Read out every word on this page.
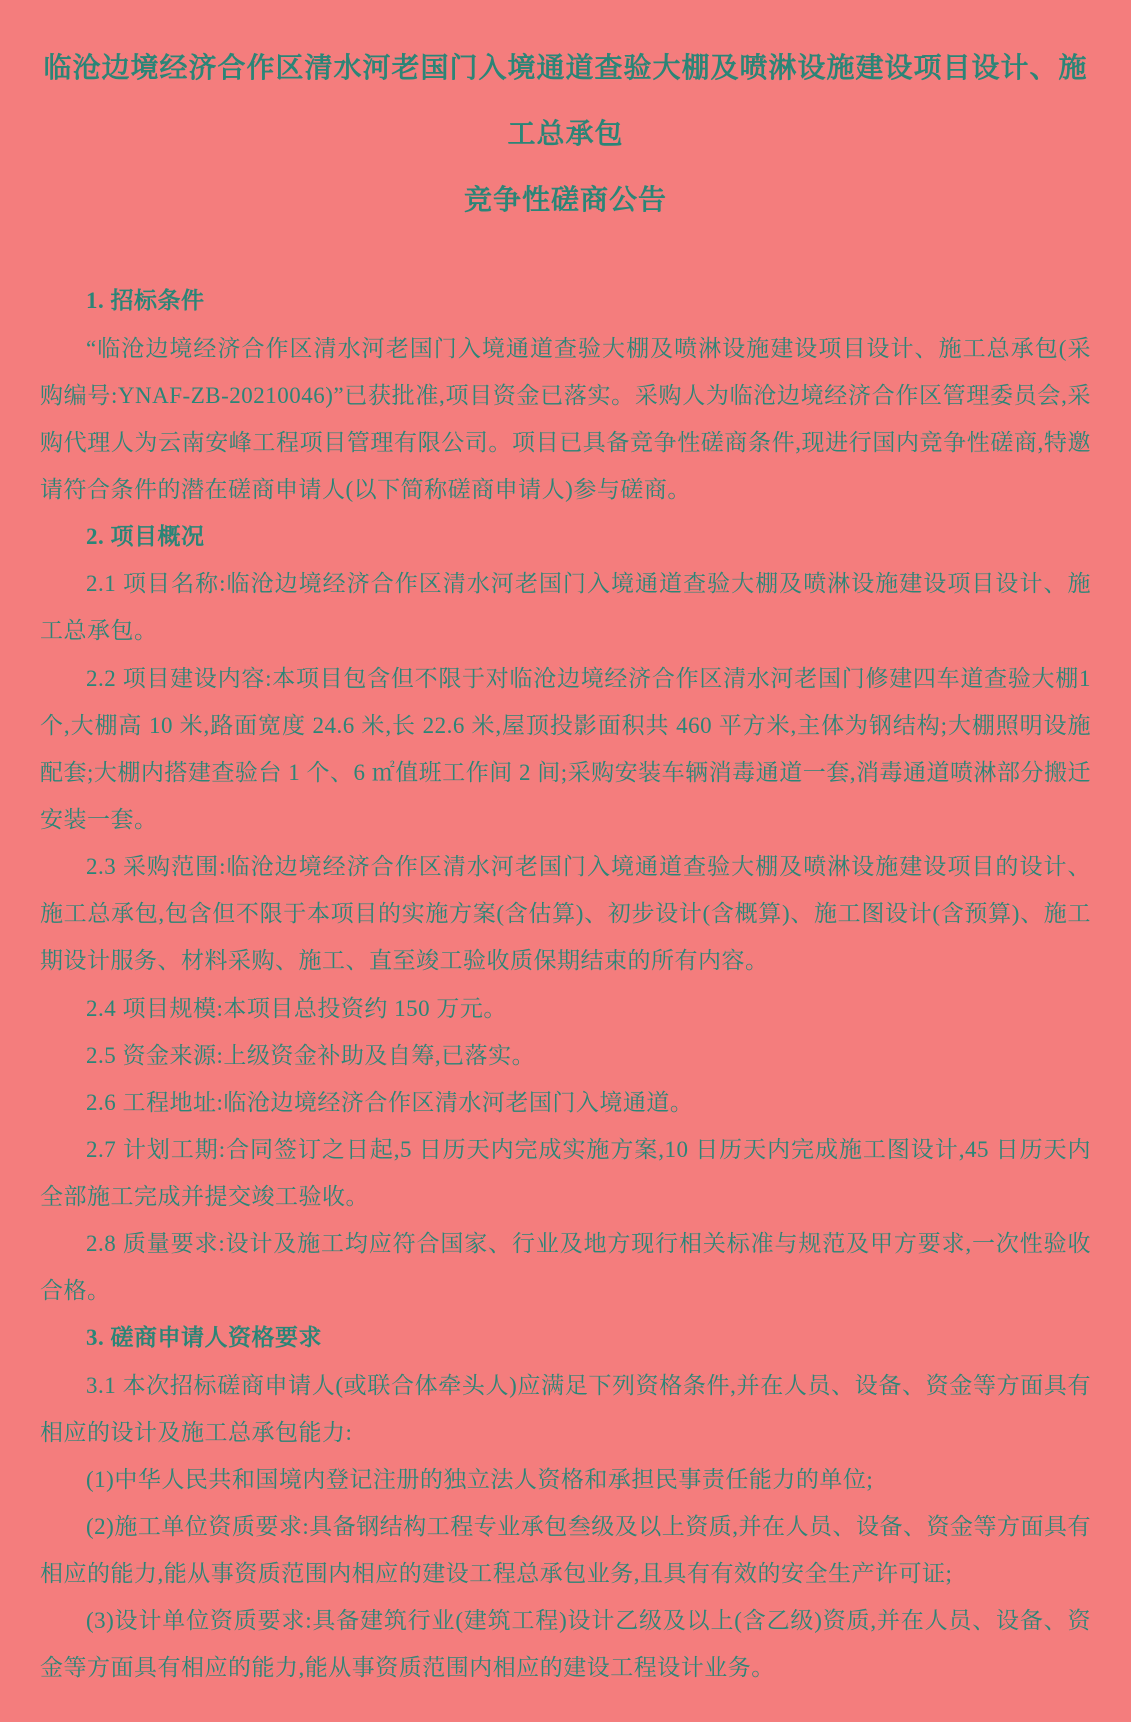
临沧边境经济合作区清水河老国门入境通道查验大棚及喷淋设施建设项目设计、施工总承包
竞争性磋商公告

1. 招标条件

“临沧边境经济合作区清水河老国门入境通道查验大棚及喷淋设施建设项目设计、施工总承包(采购编号:YNAF-ZB-20210046)”已获批准,项目资金已落实。采购人为临沧边境经济合作区管理委员会,采购代理人为云南安峰工程项目管理有限公司。项目已具备竞争性磋商条件,现进行国内竞争性磋商,特邀请符合条件的潜在磋商申请人(以下简称磋商申请人)参与磋商。

2. 项目概况

2.1 项目名称:临沧边境经济合作区清水河老国门入境通道查验大棚及喷淋设施建设项目设计、施工总承包。

2.2 项目建设内容:本项目包含但不限于对临沧边境经济合作区清水河老国门修建四车道查验大棚1个,大棚高 10 米,路面宽度 24.6 米,长 22.6 米,屋顶投影面积共 460 平方米,主体为钢结构;大棚照明设施配套;大棚内搭建查验台 1 个、6 ㎡值班工作间 2 间;采购安装车辆消毒通道一套,消毒通道喷淋部分搬迁安装一套。

2.3 采购范围:临沧边境经济合作区清水河老国门入境通道查验大棚及喷淋设施建设项目的设计、施工总承包,包含但不限于本项目的实施方案(含估算)、初步设计(含概算)、施工图设计(含预算)、施工期设计服务、材料采购、施工、直至竣工验收质保期结束的所有内容。

2.4 项目规模:本项目总投资约 150 万元。

2.5 资金来源:上级资金补助及自筹,已落实。

2.6 工程地址:临沧边境经济合作区清水河老国门入境通道。

2.7 计划工期:合同签订之日起,5 日历天内完成实施方案,10 日历天内完成施工图设计,45 日历天内全部施工完成并提交竣工验收。

2.8 质量要求:设计及施工均应符合国家、行业及地方现行相关标准与规范及甲方要求,一次性验收合格。

3. 磋商申请人资格要求

3.1 本次招标磋商申请人(或联合体牵头人)应满足下列资格条件,并在人员、设备、资金等方面具有相应的设计及施工总承包能力:

(1)中华人民共和国境内登记注册的独立法人资格和承担民事责任能力的单位;

(2)施工单位资质要求:具备钢结构工程专业承包叁级及以上资质,并在人员、设备、资金等方面具有相应的能力,能从事资质范围内相应的建设工程总承包业务,且具有有效的安全生产许可证;

(3)设计单位资质要求:具备建筑行业(建筑工程)设计乙级及以上(含乙级)资质,并在人员、设备、资金等方面具有相应的能力,能从事资质范围内相应的建设工程设计业务。
